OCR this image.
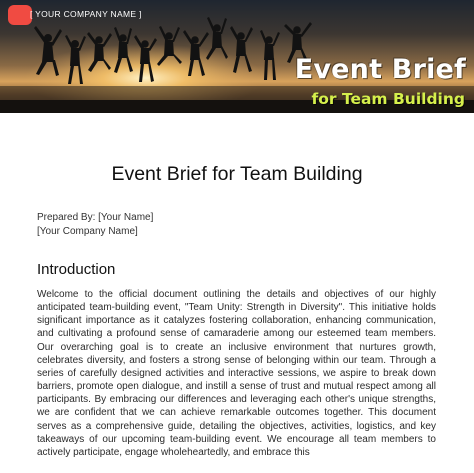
[ YOUR COMPANY NAME ]
Event Brief
for Team Building
Event Brief for Team Building
Prepared By: [Your Name]
[Your Company Name]
Introduction
Welcome to the official document outlining the details and objectives of our highly anticipated team-building event, "Team Unity: Strength in Diversity". This initiative holds significant importance as it catalyzes fostering collaboration, enhancing communication, and cultivating a profound sense of camaraderie among our esteemed team members. Our overarching goal is to create an inclusive environment that nurtures growth, celebrates diversity, and fosters a strong sense of belonging within our team. Through a series of carefully designed activities and interactive sessions, we aspire to break down barriers, promote open dialogue, and instill a sense of trust and mutual respect among all participants. By embracing our differences and leveraging each other's unique strengths, we are confident that we can achieve remarkable outcomes together. This document serves as a comprehensive guide, detailing the objectives, activities, logistics, and key takeaways of our upcoming team-building event. We encourage all team members to actively participate, engage wholeheartedly, and embrace this
